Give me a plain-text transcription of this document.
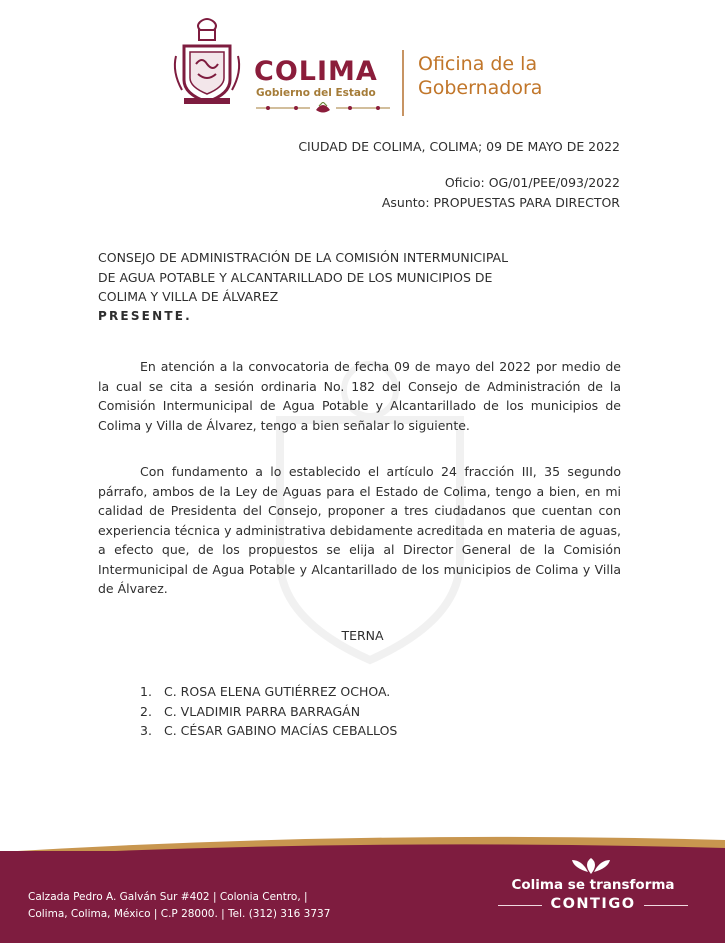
COLIMA
Gobierno del Estado
Oficina de la
Gobernadora
CIUDAD DE COLIMA, COLIMA; 09 DE MAYO DE 2022
Oficio: OG/01/PEE/093/2022
Asunto: PROPUESTAS PARA DIRECTOR
CONSEJO DE ADMINISTRACIÓN DE LA COMISIÓN INTERMUNICIPAL
DE AGUA POTABLE Y ALCANTARILLADO DE LOS MUNICIPIOS DE
COLIMA Y VILLA DE ÁLVAREZ
PRESENTE.
En atención a la convocatoria de fecha 09 de mayo del 2022 por medio de la cual se cita a sesión ordinaria No. 182 del Consejo de Administración de la Comisión Intermunicipal de Agua Potable y Alcantarillado de los municipios de Colima y Villa de Álvarez, tengo a bien señalar lo siguiente.
Con fundamento a lo establecido el artículo 24 fracción III, 35 segundo párrafo, ambos de la Ley de Aguas para el Estado de Colima, tengo a bien, en mi calidad de Presidenta del Consejo, proponer a tres ciudadanos que cuentan con experiencia técnica y administrativa debidamente acreditada en materia de aguas, a efecto que, de los propuestos se elija al Director General de la Comisión Intermunicipal de Agua Potable y Alcantarillado de los municipios de Colima y Villa de Álvarez.
TERNA
1. C. ROSA ELENA GUTIÉRREZ OCHOA.
2. C. VLADIMIR PARRA BARRAGÁN
3. C. CÉSAR GABINO MACÍAS CEBALLOS
Calzada Pedro A. Galván Sur #402 | Colonia Centro, |
Colima, Colima, México | C.P 28000. | Tel. (312) 316 3737
Colima se transforma
CONTIGO
